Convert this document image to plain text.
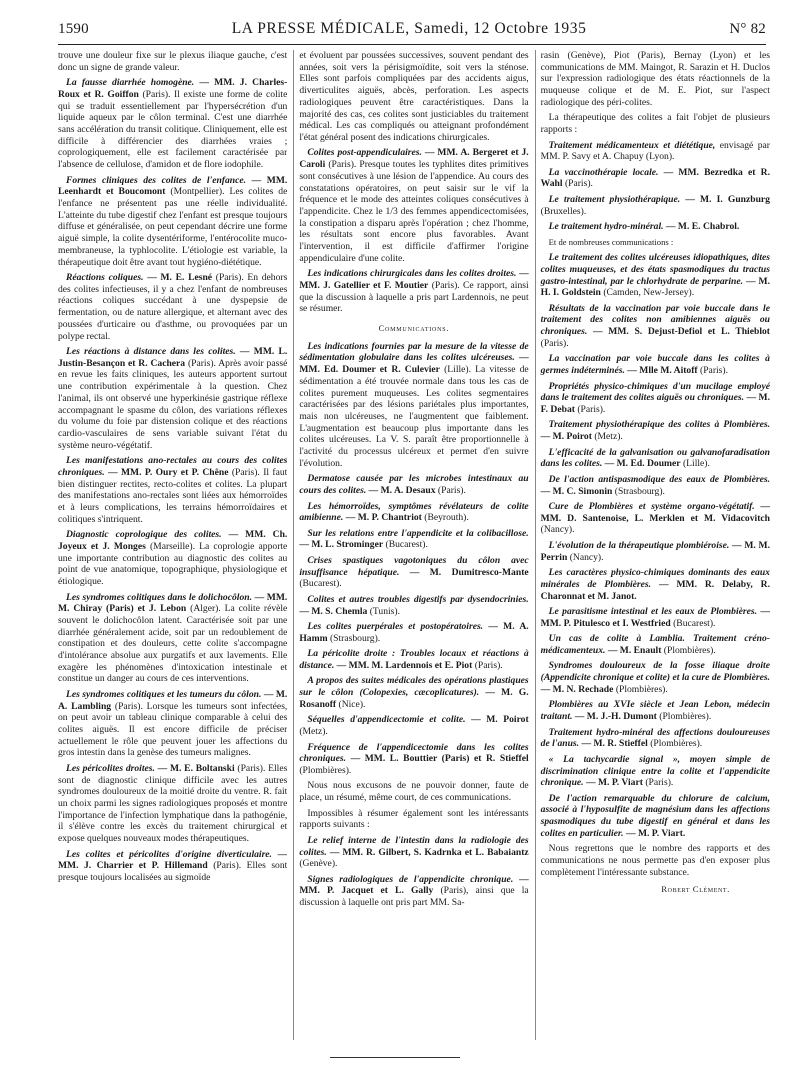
1590	LA PRESSE MÉDICALE, Samedi, 12 Octobre 1935	N° 82

trouve une douleur fixe sur le plexus iliaque gauche, c'est donc un signe de grande valeur.

La fausse diarrhée homogène. — MM. J. Charles-Roux et R. Goiffon (Paris). Il existe une forme de colite qui se traduit essentiellement par l'hypersécrétion d'un liquide aqueux par le côlon terminal. C'est une diarrhée sans accélération du transit colitique. Cliniquement, elle est difficile à différencier des diarrhées vraies ; coprologiquement, elle est facilement caractérisée par l'absence de cellulose, d'amidon et de flore iodophile.

Formes cliniques des colites de l'enfance. — MM. Leenhardt et Boucomont (Montpellier). Les colites de l'enfance ne présentent pas une réelle individualité. L'atteinte du tube digestif chez l'enfant est presque toujours diffuse et généralisée, on peut cependant décrire une forme aiguë simple, la colite dysentériforme, l'entérocolite muco-membraneuse, la typhlocolite. L'étiologie est variable, la thérapeutique doit être avant tout hygiéno-diététique.

Réactions coliques. — M. E. Lesné (Paris). En dehors des colites infectieuses, il y a chez l'enfant de nombreuses réactions coliques succédant à une dyspepsie de fermentation, ou de nature allergique, et alternant avec des poussées d'urticaire ou d'asthme, ou provoquées par un polype rectal.

Les réactions à distance dans les colites. — MM. L. Justin-Besançon et R. Cachera (Paris). Après avoir passé en revue les faits cliniques, les auteurs apportent surtout une contribution expérimentale à la question. Chez l'animal, ils ont observé une hyperkinésie gastrique réflexe accompagnant le spasme du côlon, des variations réflexes du volume du foie par distension colique et des réactions cardio-vasculaires de sens variable suivant l'état du système neuro-végétatif.

Les manifestations ano-rectales au cours des colites chroniques. — MM. P. Oury et P. Chêne (Paris). Il faut bien distinguer rectites, recto-colites et colites. La plupart des manifestations ano-rectales sont liées aux hémorroïdes et à leurs complications, les terrains hémorroïdaires et colitiques s'intriquent.

Diagnostic coprologique des colites. — MM. Ch. Joyeux et J. Monges (Marseille). La coprologie apporte une importante contribution au diagnostic des colites au point de vue anatomique, topographique, physiologique et étiologique.

Les syndromes colitiques dans le dolichocôlon. — MM. M. Chiray (Paris) et J. Lebon (Alger). La colite révèle souvent le dolichocôlon latent. Caractérisée soit par une diarrhée généralement acide, soit par un redoublement de constipation et des douleurs, cette colite s'accompagne d'intolérance absolue aux purgatifs et aux lavements. Elle exagère les phénomènes d'intoxication intestinale et constitue un danger au cours de ces interventions.

Les syndromes colitiques et les tumeurs du côlon. — M. A. Lambling (Paris). Lorsque les tumeurs sont infectées, on peut avoir un tableau clinique comparable à celui des colites aiguës. Il est encore difficile de préciser actuellement le rôle que peuvent jouer les affections du gros intestin dans la genèse des tumeurs malignes.

Les péricolites droites. — M. E. Boltanski (Paris). Elles sont de diagnostic clinique difficile avec les autres syndromes douloureux de la moitié droite du ventre. R. fait un choix parmi les signes radiologiques proposés et montre l'importance de l'infection lymphatique dans la pathogénie, il s'élève contre les excès du traitement chirurgical et expose quelques nouveaux modes thérapeutiques.

Les colites et péricolites d'origine diverticulaire. — MM. J. Charrier et P. Hillemand (Paris). Elles sont presque toujours localisées au sigmoïde

et évoluent par poussées successives, souvent pendant des années, soit vers la périsigmoïdite, soit vers la sténose. Elles sont parfois compliquées par des accidents aigus, diverticulites aiguës, abcès, perforation. Les aspects radiologiques peuvent être caractéristiques. Dans la majorité des cas, ces colites sont justiciables du traitement médical. Les cas compliqués ou atteignant profondément l'état général posent des indications chirurgicales.

Colites post-appendiculaires. — MM. A. Bergeret et J. Caroli (Paris). Presque toutes les typhlites dites primitives sont consécutives à une lésion de l'appendice. Au cours des constatations opératoires, on peut saisir sur le vif la fréquence et le mode des atteintes coliques consécutives à l'appendicite. Chez le 1/3 des femmes appendicectomisées, la constipation a disparu après l'opération ; chez l'homme, les résultats sont encore plus favorables. Avant l'intervention, il est difficile d'affirmer l'origine appendiculaire d'une colite.

Les indications chirurgicales dans les colites droites. — MM. J. Gatellier et F. Moutier (Paris). Ce rapport, ainsi que la discussion à laquelle a pris part Lardennois, ne peut se résumer.

Communications.

Les indications fournies par la mesure de la vitesse de sédimentation globulaire dans les colites ulcéreuses. — MM. Ed. Doumer et R. Culevier (Lille). La vitesse de sédimentation a été trouvée normale dans tous les cas de colites purement muqueuses. Les colites segmentaires caractérisées par des lésions pariétales plus importantes, mais non ulcéreuses, ne l'augmentent que faiblement. L'augmentation est beaucoup plus importante dans les colites ulcéreuses. La V. S. paraît être proportionnelle à l'activité du processus ulcéreux et permet d'en suivre l'évolution.

Dermatose causée par les microbes intestinaux au cours des colites. — M. A. Desaux (Paris).

Les hémorroïdes, symptômes révélateurs de colite amibienne. — M. P. Chantriot (Beyrouth).

Sur les relations entre l'appendicite et la colibacillose. — M. L. Strominger (Bucarest).

Crises spastiques vagotoniques du côlon avec insuffisance hépatique. — M. Dumitresco-Mante (Bucarest).

Colites et autres troubles digestifs par dysendocrinies. — M. S. Chemla (Tunis).

Les colites puerpérales et postopératoires. — M. A. Hamm (Strasbourg).

La péricolite droite : Troubles locaux et réactions à distance. — MM. M. Lardennois et E. Piot (Paris).

A propos des suites médicales des opérations plastiques sur le côlon (Colopexies, cæcoplicatures). — M. G. Rosanoff (Nice).

Séquelles d'appendicectomie et colite. — M. Poirot (Metz).

Fréquence de l'appendicectomie dans les colites chroniques. — MM. L. Bouttier (Paris) et R. Stieffel (Plombières).

Nous nous excusons de ne pouvoir donner, faute de place, un résumé, même court, de ces communications.

Impossibles à résumer également sont les intéressants rapports suivants :

Le relief interne de l'intestin dans la radiologie des colites. — MM. R. Gilbert, S. Kadrnka et L. Babaiantz (Genève).

Signes radiologiques de l'appendicite chronique. — MM. P. Jacquet et L. Gally (Paris), ainsi que la discussion à laquelle ont pris part MM. Sa-

rasin (Genève), Piot (Paris), Bernay (Lyon) et les communications de MM. Maingot, R. Sarazin et H. Duclos sur l'expression radiologique des états réactionnels de la muqueuse colique et de M. E. Piot, sur l'aspect radiologique des péri-colites.

La thérapeutique des colites a fait l'objet de plusieurs rapports :

Traitement médicamenteux et diététique, envisagé par MM. P. Savy et A. Chapuy (Lyon).

La vaccinothérapie locale. — MM. Bezredka et R. Wahl (Paris).

Le traitement physiothérapique. — M. I. Gunzburg (Bruxelles).

Le traitement hydro-minéral. — M. E. Chabrol.

Et de nombreuses communications :

Le traitement des colites ulcéreuses idiopathiques, dites colites muqueuses, et des états spasmodiques du tractus gastro-intestinal, par le chlorhydrate de perparine. — M. H. I. Goldstein (Camden, New-Jersey).

Résultats de la vaccination par voie buccale dans le traitement des colites non amibiennes aiguës ou chroniques. — MM. S. Dejust-Defiol et L. Thieblot (Paris).

La vaccination par voie buccale dans les colites à germes indéterminés. — Mlle M. Aitoff (Paris).

Propriétés physico-chimiques d'un mucilage employé dans le traitement des colites aiguës ou chroniques. — M. F. Debat (Paris).

Traitement physiothérapique des colites à Plombières. — M. Poirot (Metz).

L'efficacité de la galvanisation ou galvanofaradisation dans les colites. — M. Ed. Doumer (Lille).

De l'action antispasmodique des eaux de Plombières. — M. C. Simonin (Strasbourg).

Cure de Plombières et système organo-végétatif. — MM. D. Santenoise, L. Merklen et M. Vidacovitch (Nancy).

L'évolution de la thérapeutique plombiéroise. — M. M. Perrin (Nancy).

Les caractères physico-chimiques dominants des eaux minérales de Plombières. — MM. R. Delaby, R. Charonnat et M. Janot.

Le parasitisme intestinal et les eaux de Plombières. — MM. P. Pitulesco et I. Westfried (Bucarest).

Un cas de colite à Lamblia. Traitement créno-médicamenteux. — M. Enault (Plombières).

Syndromes douloureux de la fosse iliaque droite (Appendicite chronique et colite) et la cure de Plombières. — M. N. Rechade (Plombières).

Plombières au XVIe siècle et Jean Lebon, médecin traitant. — M. J.-H. Dumont (Plombières).

Traitement hydro-minéral des affections douloureuses de l'anus. — M. R. Stieffel (Plombières).

« La tachycardie signal », moyen simple de discrimination clinique entre la colite et l'appendicite chronique. — M. P. Viart (Paris).

De l'action remarquable du chlorure de calcium, associé à l'hyposulfite de magnésium dans les affections spasmodiques du tube digestif en général et dans les colites en particulier. — M. P. Viart.

Nous regrettons que le nombre des rapports et des communications ne nous permette pas d'en exposer plus complètement l'intéressante substance.

Robert Clément.
